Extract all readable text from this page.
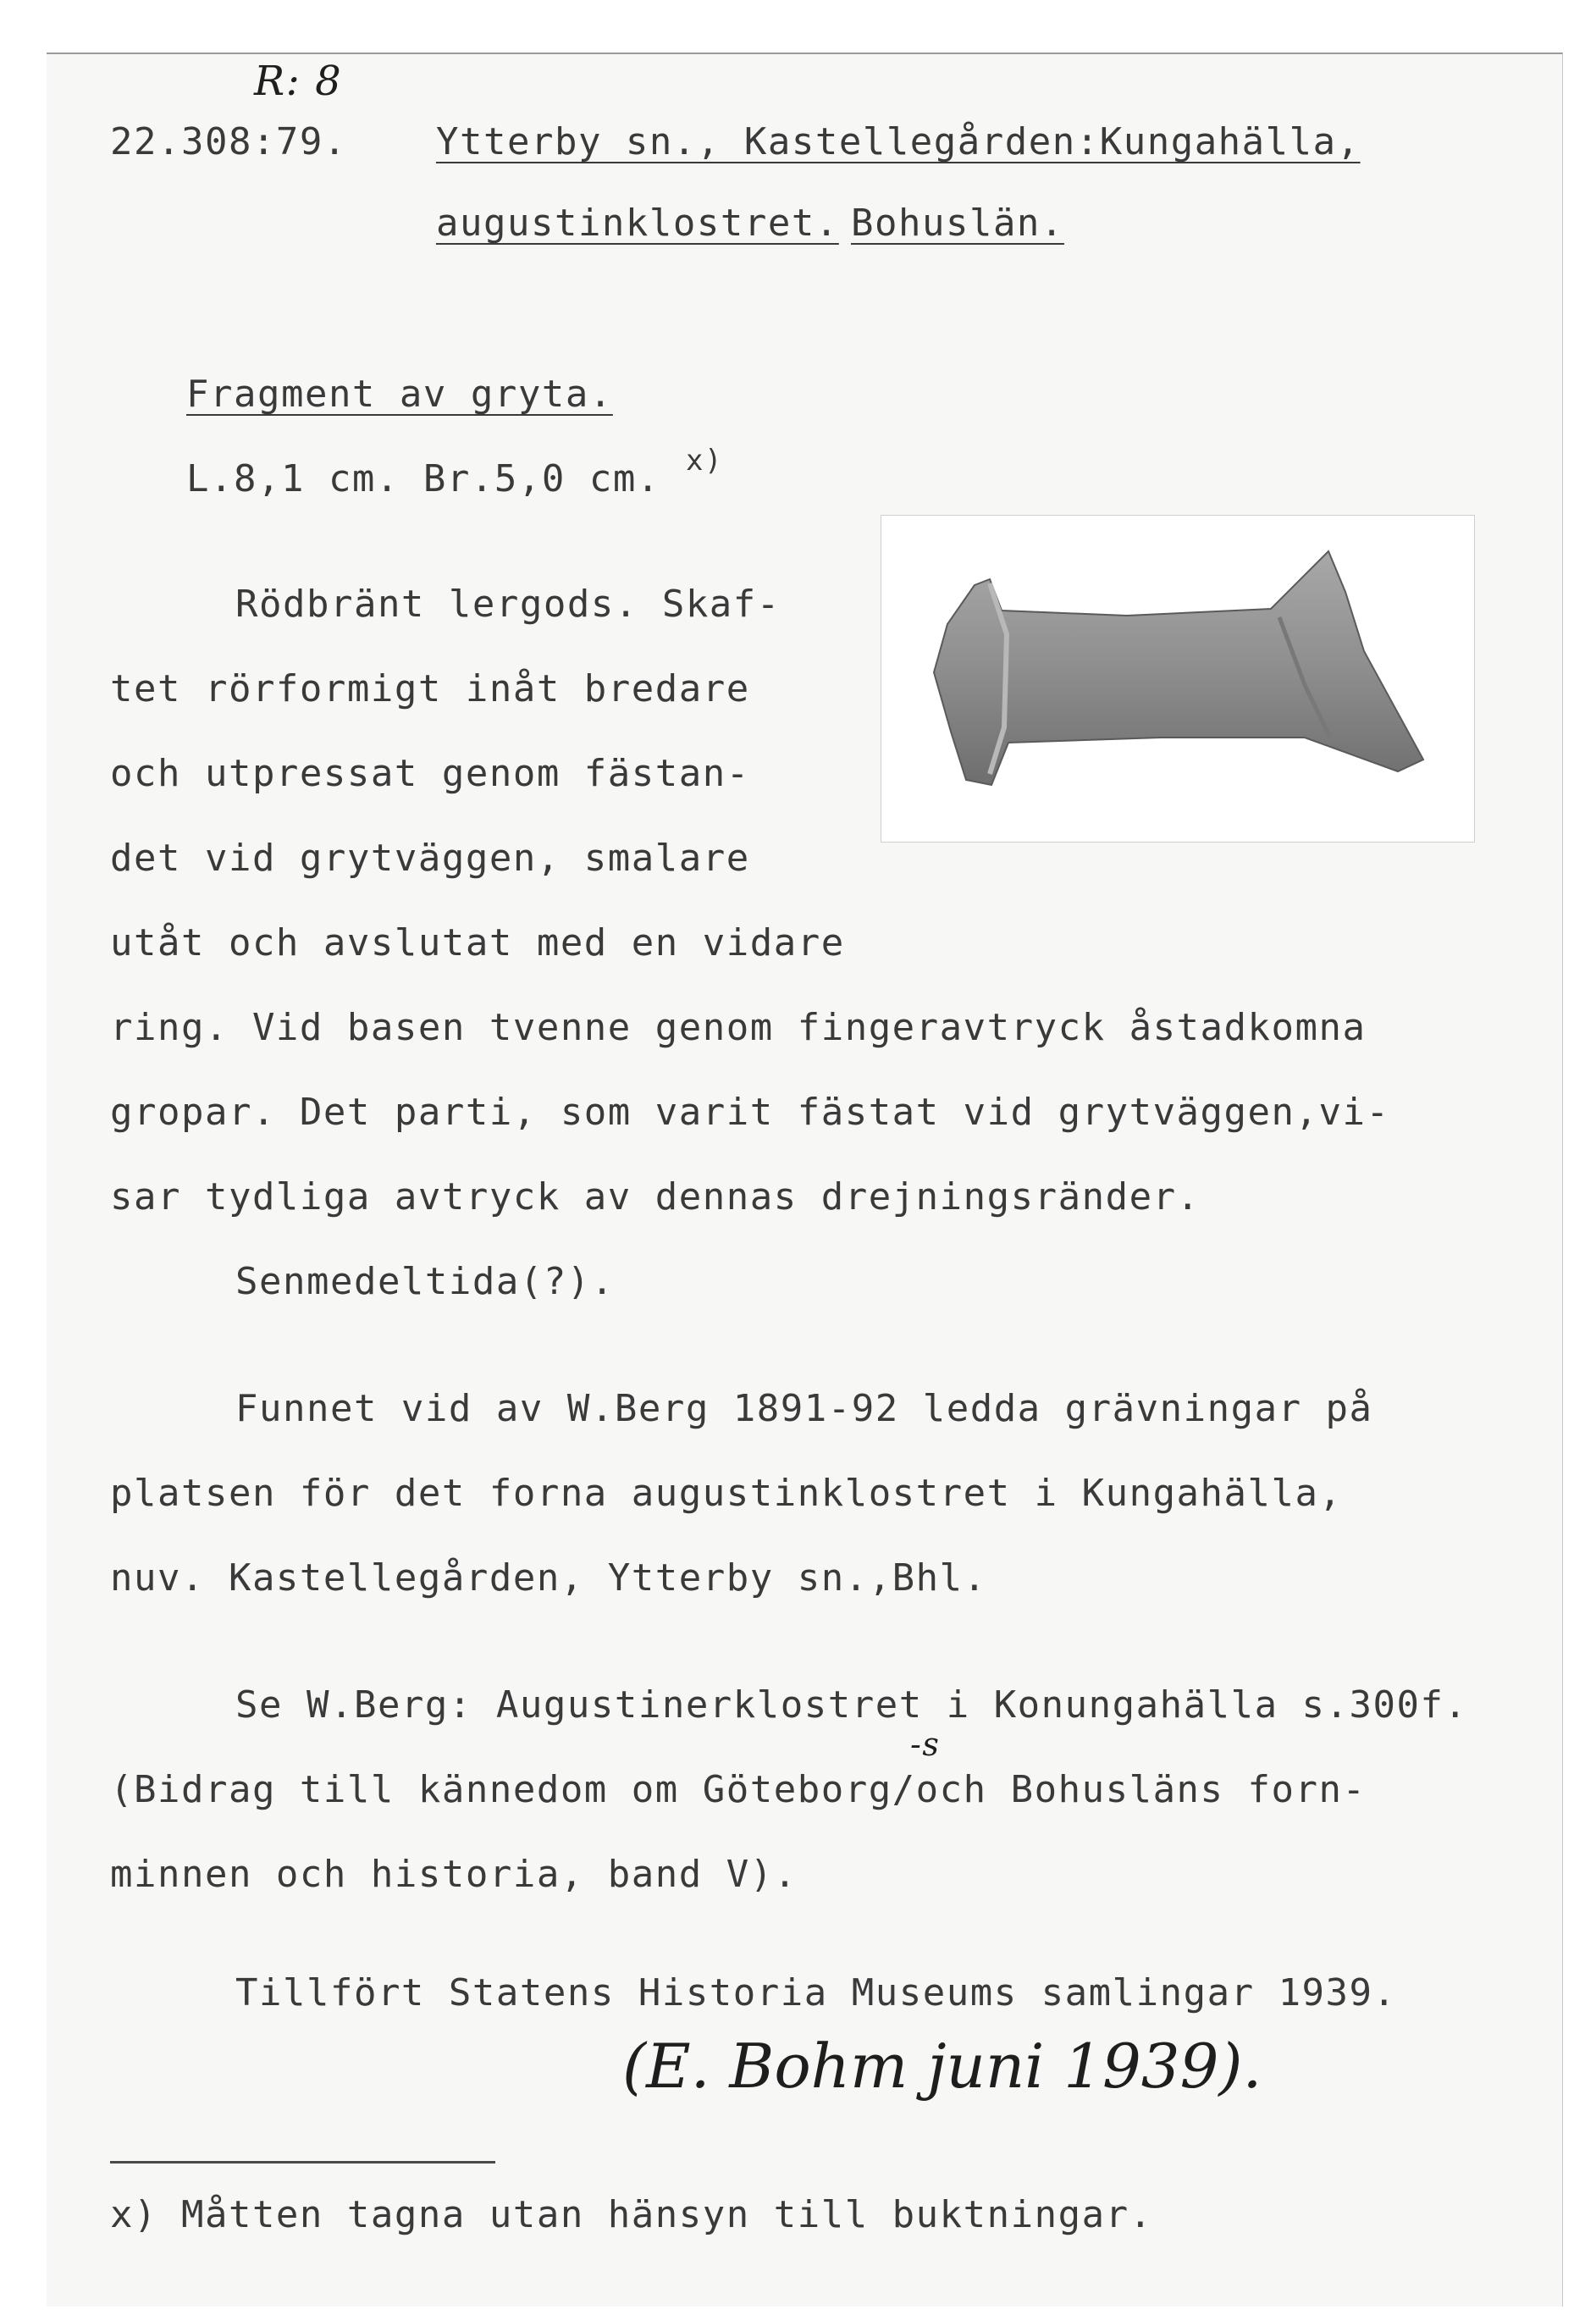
R: 8
22.308:79. Ytterby sn., Kastellegården:Kungahälla,
augustinklostret. Bohuslän.
Fragment av gryta.
L.8,1 cm. Br.5,0 cm. x)
Rödbränt lergods. Skaf-
tet rörformigt inåt bredare
och utpressat genom fästan-
det vid grytväggen, smalare
utåt och avslutat med en vidare
ring. Vid basen tvenne genom fingeravtryck åstadkomna
gropar. Det parti, som varit fästat vid grytväggen,vi-
sar tydliga avtryck av dennas drejningsränder.
Senmedeltida(?).
Funnet vid av W.Berg 1891-92 ledda grävningar på
platsen för det forna augustinklostret i Kungahälla,
nuv. Kastellegården, Ytterby sn.,Bhl.
Se W.Berg: Augustinerklostret i Konungahälla s.300f.
-s
(Bidrag till kännedom om Göteborg/och Bohusläns forn-
minnen och historia, band V).
Tillfört Statens Historia Museums samlingar 1939.
(E. Bohm juni 1939).
x) Måtten tagna utan hänsyn till buktningar.
